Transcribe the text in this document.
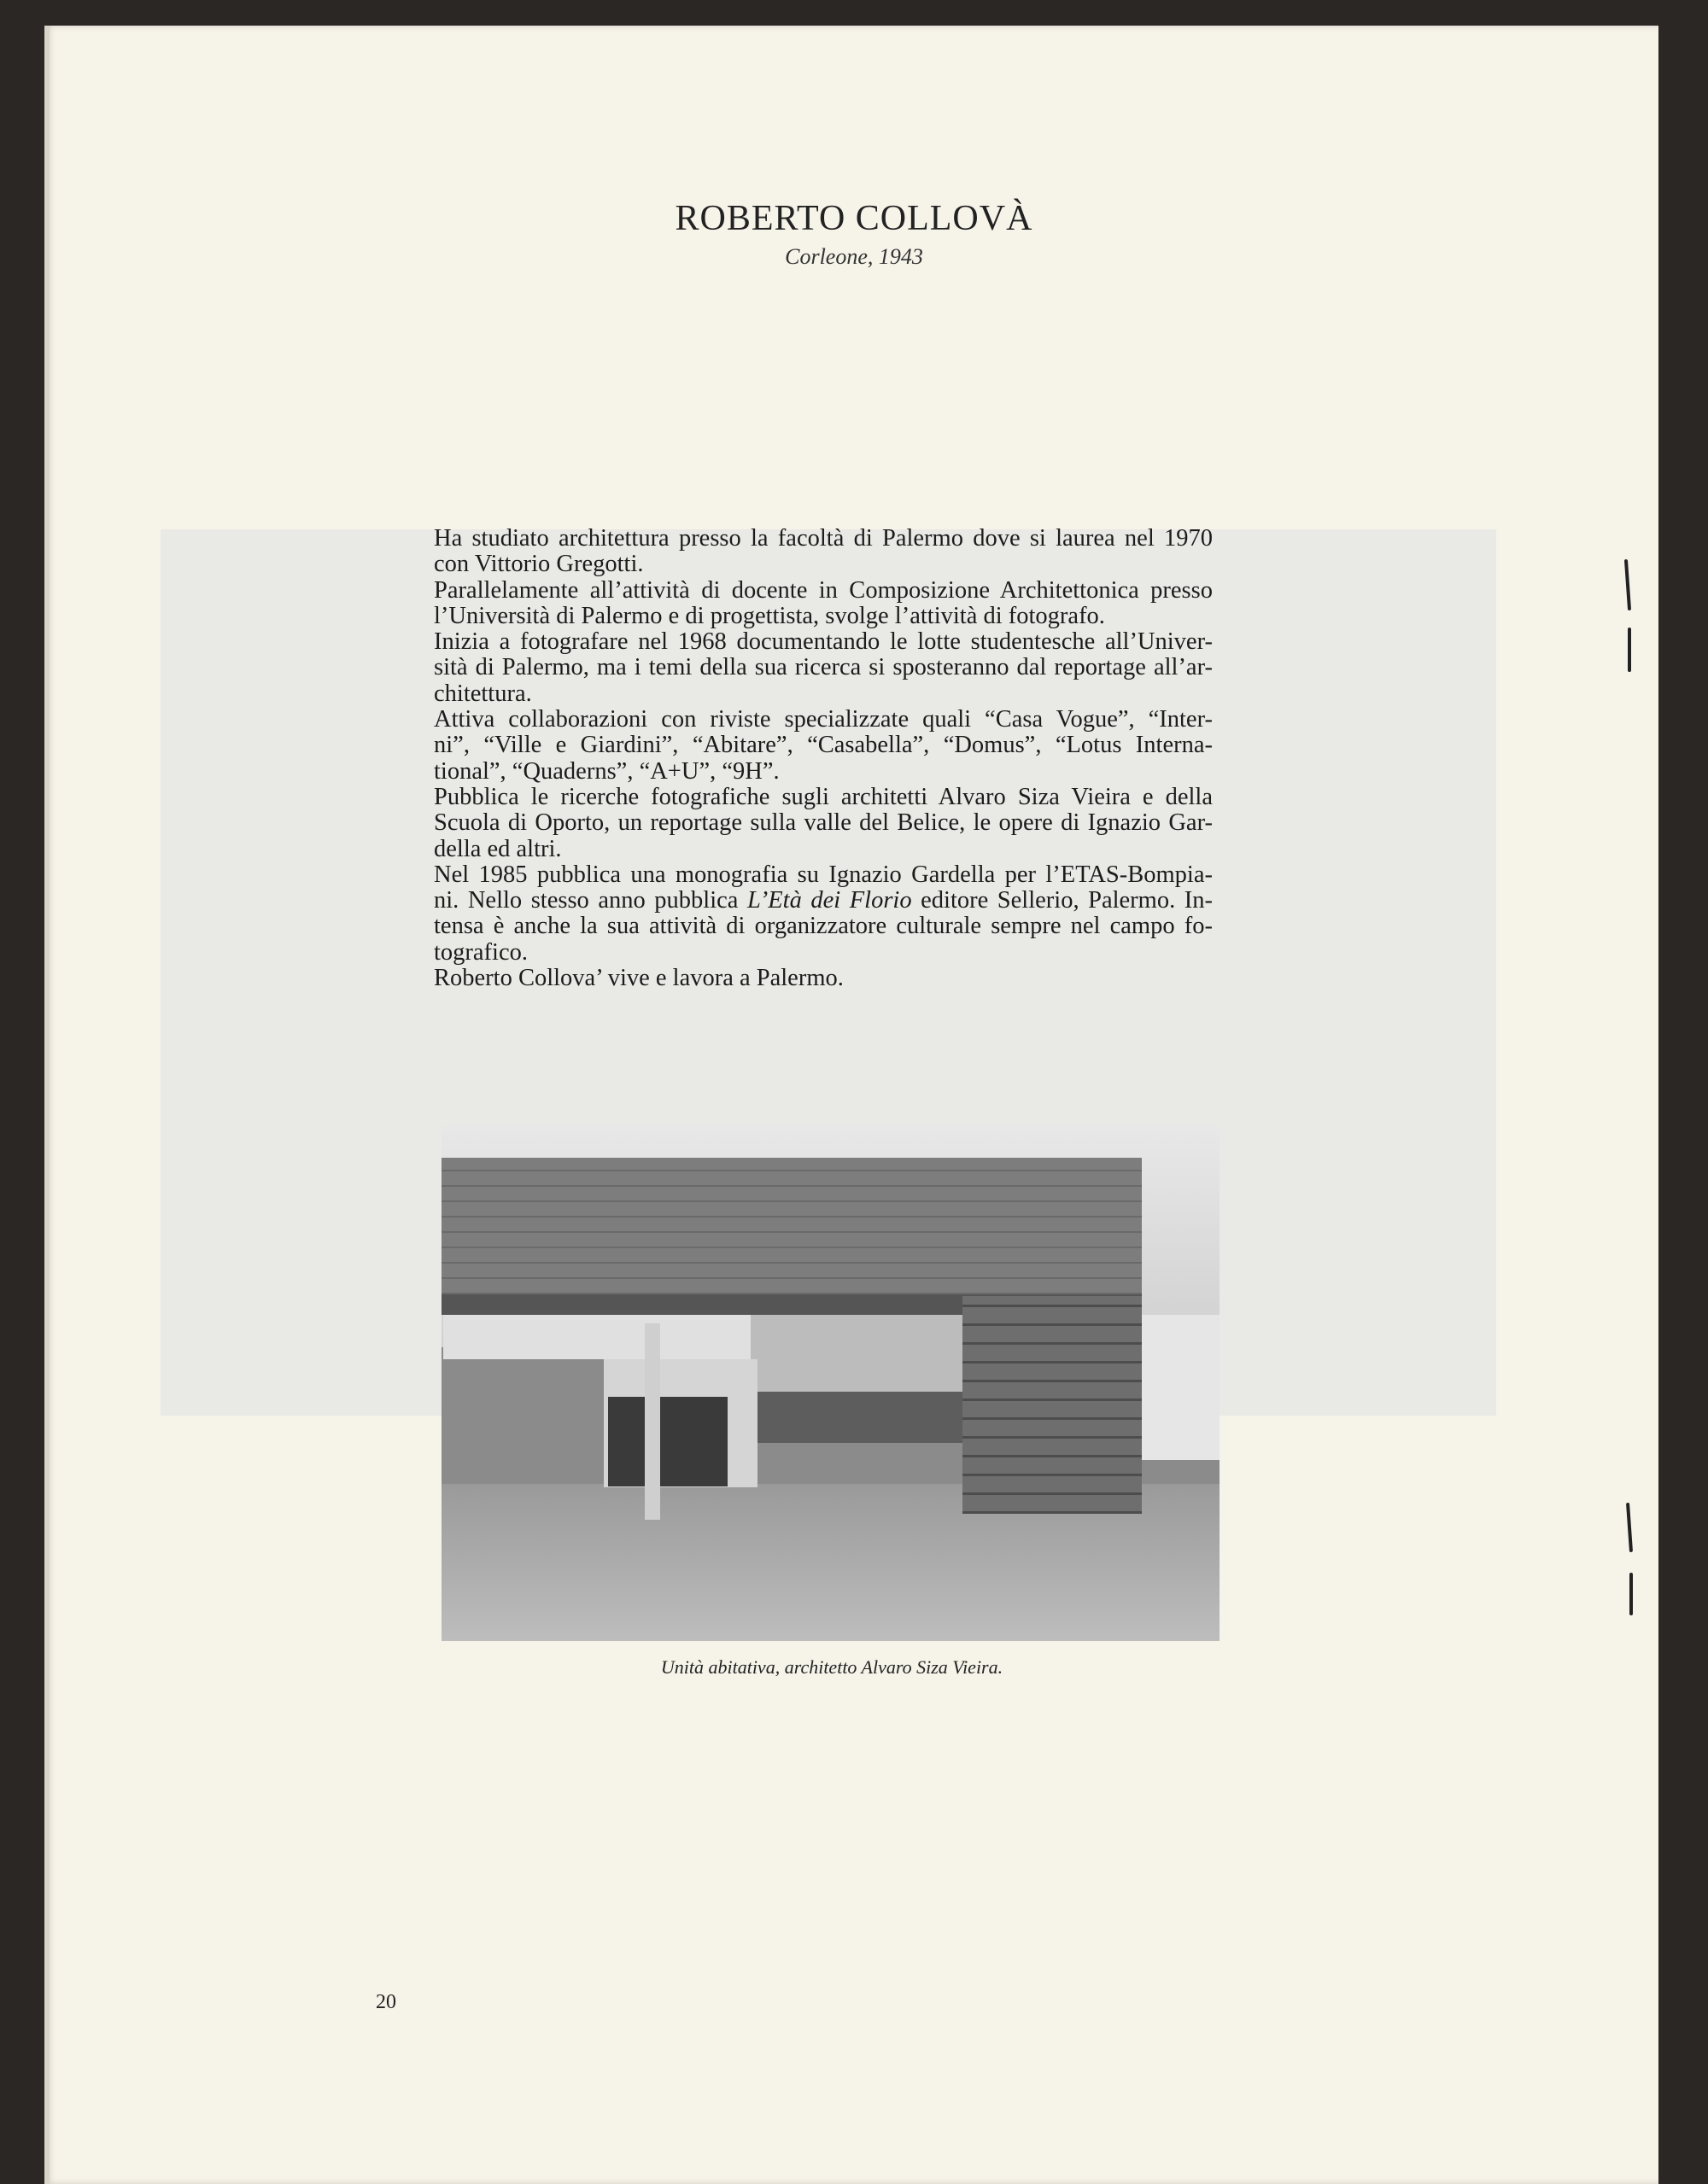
ROBERTO COLLOVÀ
Corleone, 1943
Ha studiato architettura presso la facoltà di Palermo dove si laurea nel 1970
con Vittorio Gregotti.
Parallelamente all’attività di docente in Composizione Architettonica presso
l’Università di Palermo e di progettista, svolge l’attività di fotografo.
Inizia a fotografare nel 1968 documentando le lotte studentesche all’Univer-
sità di Palermo, ma i temi della sua ricerca si sposteranno dal reportage all’ar-
chitettura.
Attiva collaborazioni con riviste specializzate quali “Casa Vogue”, “Inter-
ni”, “Ville e Giardini”, “Abitare”, “Casabella”, “Domus”, “Lotus Interna-
tional”, “Quaderns”, “A+U”, “9H”.
Pubblica le ricerche fotografiche sugli architetti Alvaro Siza Vieira e della
Scuola di Oporto, un reportage sulla valle del Belice, le opere di Ignazio Gar-
della ed altri.
Nel 1985 pubblica una monografia su Ignazio Gardella per l’ETAS-Bompia-
ni. Nello stesso anno pubblica L’Età dei Florio editore Sellerio, Palermo. In-
tensa è anche la sua attività di organizzatore culturale sempre nel campo fo-
tografico.
Roberto Collova’ vive e lavora a Palermo.
Unità abitativa, architetto Alvaro Siza Vieira.
20
